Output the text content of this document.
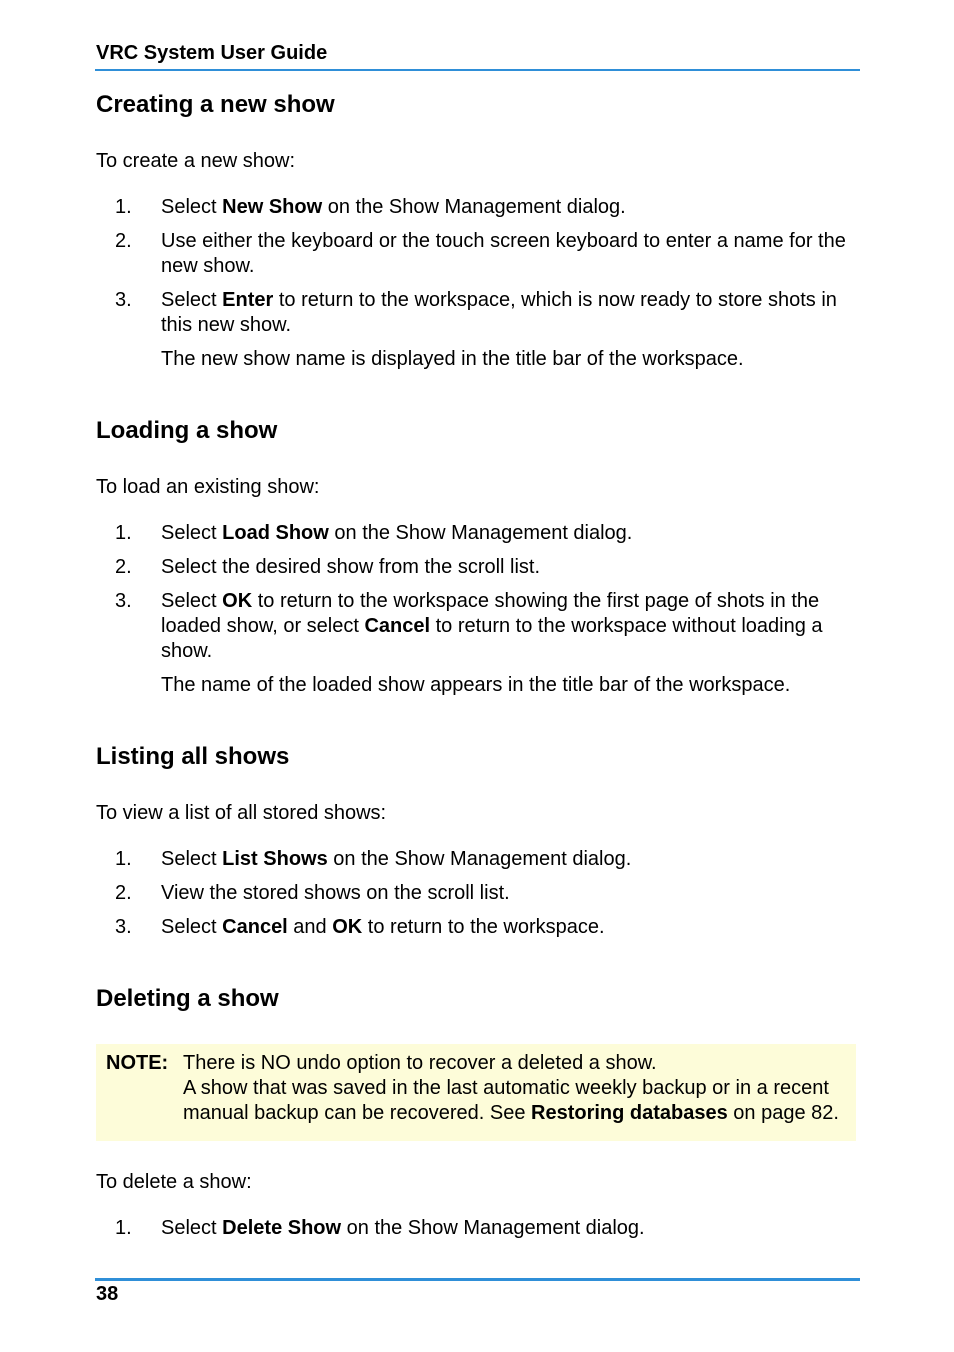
VRC System User Guide
Creating a new show
To create a new show:
1. Select New Show on the Show Management dialog.
2. Use either the keyboard or the touch screen keyboard to enter a name for the new show.
3. Select Enter to return to the workspace, which is now ready to store shots in this new show.
The new show name is displayed in the title bar of the workspace.
Loading a show
To load an existing show:
1. Select Load Show on the Show Management dialog.
2. Select the desired show from the scroll list.
3. Select OK to return to the workspace showing the first page of shots in the loaded show, or select Cancel to return to the workspace without loading a show.
The name of the loaded show appears in the title bar of the workspace.
Listing all shows
To view a list of all stored shows:
1. Select List Shows on the Show Management dialog.
2. View the stored shows on the scroll list.
3. Select Cancel and OK to return to the workspace.
Deleting a show
NOTE: There is NO undo option to recover a deleted a show.
A show that was saved in the last automatic weekly backup or in a recent manual backup can be recovered. See Restoring databases on page 82.
To delete a show:
1. Select Delete Show on the Show Management dialog.
38
